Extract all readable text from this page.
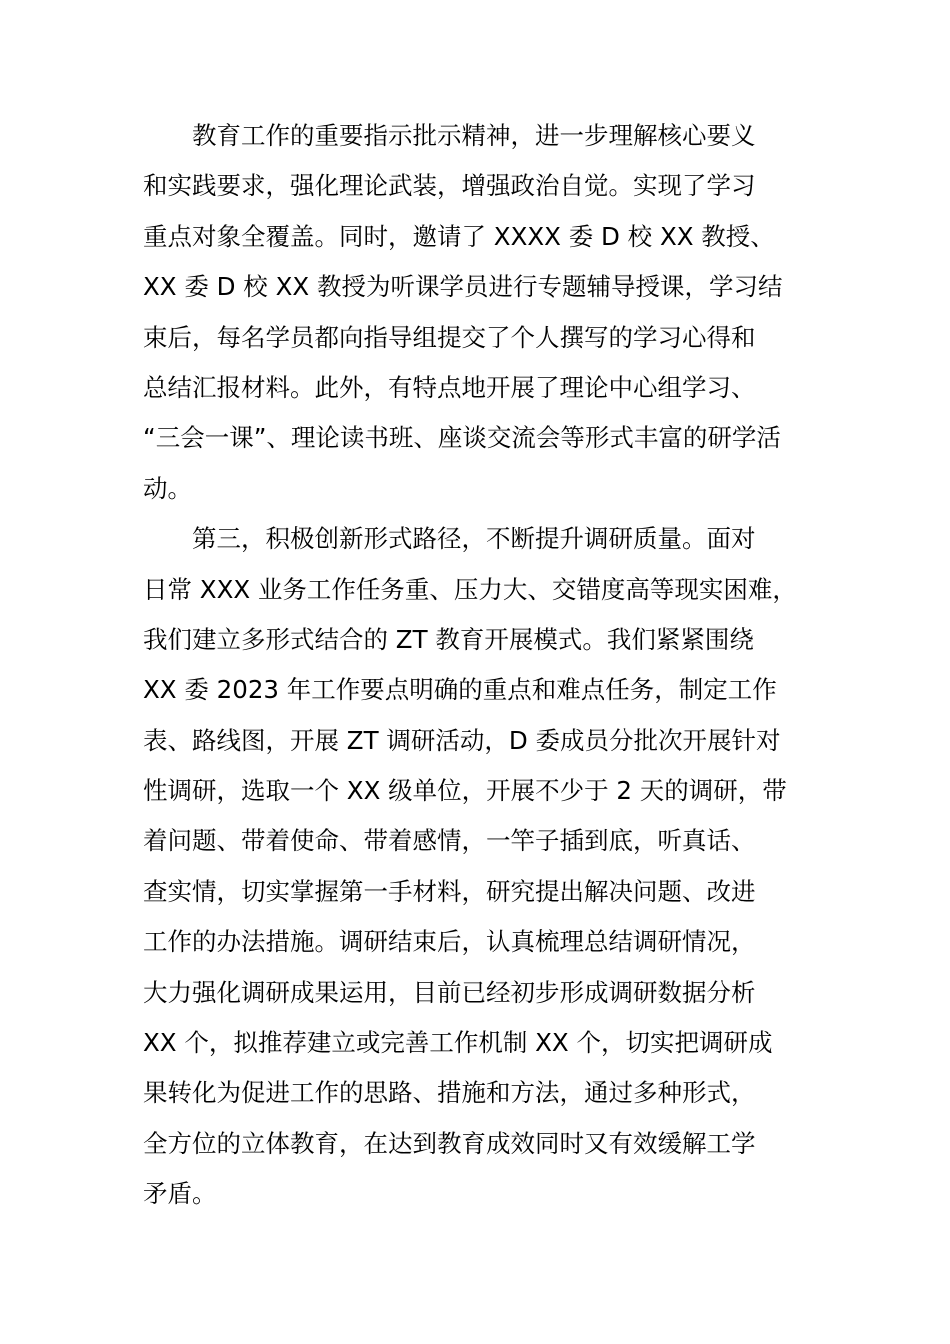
教育工作的重要指示批示精神，进一步理解核心要义
和实践要求，强化理论武装，增强政治自觉。实现了学习
重点对象全覆盖。同时，邀请了 XXXX 委 D 校 XX 教授、
XX 委 D 校 XX 教授为听课学员进行专题辅导授课，学习结
束后，每名学员都向指导组提交了个人撰写的学习心得和
总结汇报材料。此外，有特点地开展了理论中心组学习、
“三会一课”、理论读书班、座谈交流会等形式丰富的研学活
动。
第三，积极创新形式路径，不断提升调研质量。面对
日常 XXX 业务工作任务重、压力大、交错度高等现实困难，
我们建立多形式结合的 ZT 教育开展模式。我们紧紧围绕
XX 委 2023 年工作要点明确的重点和难点任务，制定工作
表、路线图，开展 ZT 调研活动，D 委成员分批次开展针对
性调研，选取一个 XX 级单位，开展不少于 2 天的调研，带
着问题、带着使命、带着感情，一竿子插到底，听真话、
查实情，切实掌握第一手材料，研究提出解决问题、改进
工作的办法措施。调研结束后，认真梳理总结调研情况，
大力强化调研成果运用，目前已经初步形成调研数据分析
XX 个，拟推荐建立或完善工作机制 XX 个，切实把调研成
果转化为促进工作的思路、措施和方法，通过多种形式，
全方位的立体教育，在达到教育成效同时又有效缓解工学
矛盾。
